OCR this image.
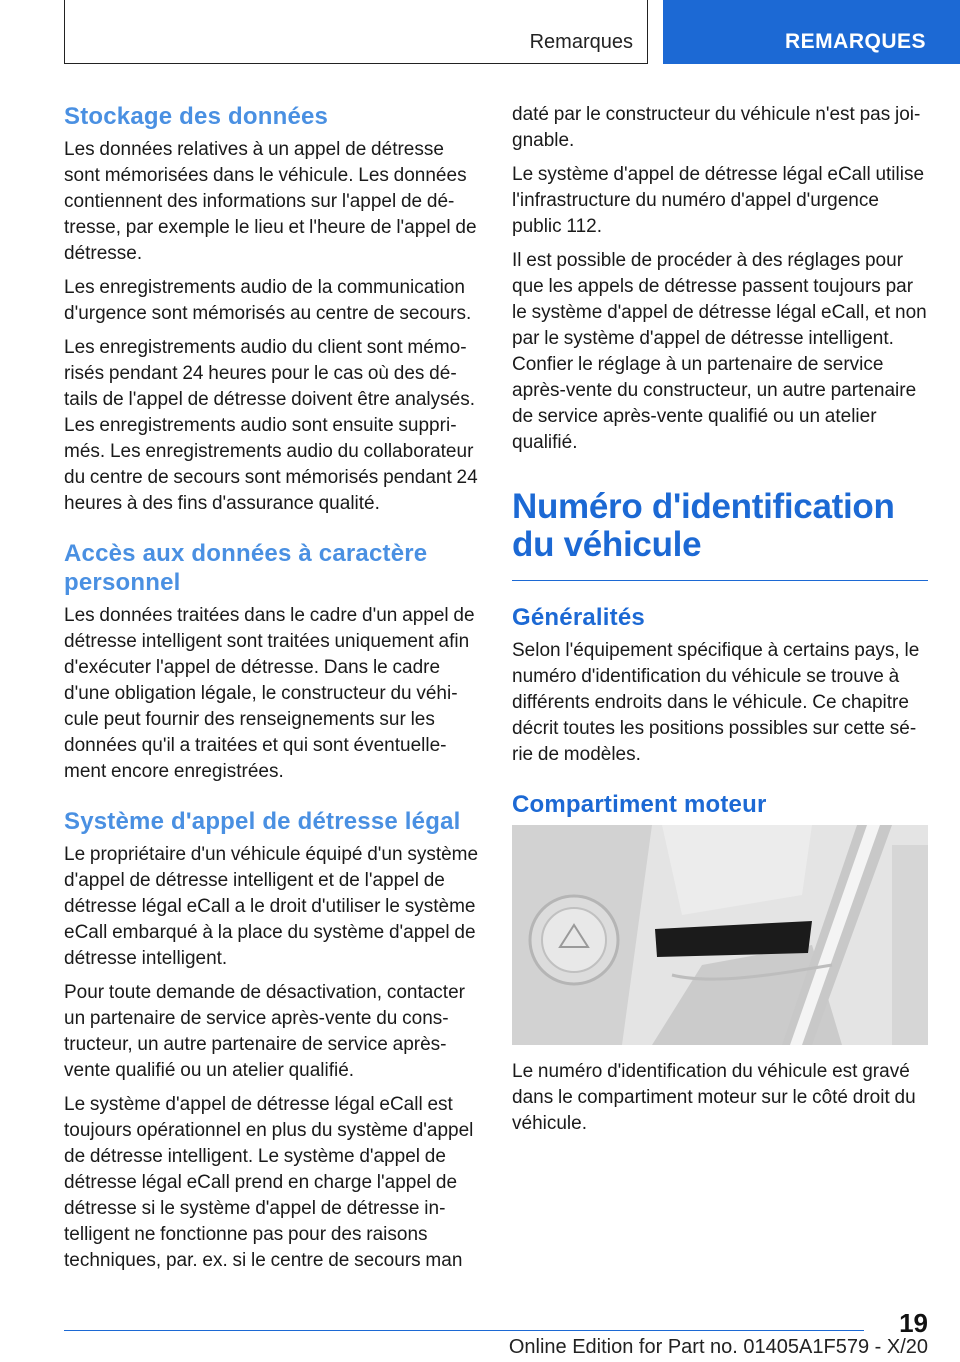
Remarques	REMARQUES
Stockage des données

Les données relatives à un appel de détresse sont mémorisées dans le véhicule. Les données contiennent des informations sur l'appel de détresse, par exemple le lieu et l'heure de l'appel de détresse.

Les enregistrements audio de la communication d'urgence sont mémorisés au centre de secours.

Les enregistrements audio du client sont mémorisés pendant 24 heures pour le cas où des détails de l'appel de détresse doivent être analysés. Les enregistrements audio sont ensuite supprimés. Les enregistrements audio du collaborateur du centre de secours sont mémorisés pendant 24 heures à des fins d'assurance qualité.

Accès aux données à caractère personnel

Les données traitées dans le cadre d'un appel de détresse intelligent sont traitées uniquement afin d'exécuter l'appel de détresse. Dans le cadre d'une obligation légale, le constructeur du véhicule peut fournir des renseignements sur les données qu'il a traitées et qui sont éventuellement encore enregistrées.

Système d'appel de détresse légal

Le propriétaire d'un véhicule équipé d'un système d'appel de détresse intelligent et de l'appel de détresse légal eCall a le droit d'utiliser le système eCall embarqué à la place du système d'appel de détresse intelligent.

Pour toute demande de désactivation, contacter un partenaire de service après-vente du constructeur, un autre partenaire de service après-vente qualifié ou un atelier qualifié.

Le système d'appel de détresse légal eCall est toujours opérationnel en plus du système d'appel de détresse intelligent. Le système d'appel de détresse légal eCall prend en charge l'appel de détresse si le système d'appel de détresse intelligent ne fonctionne pas pour des raisons techniques, par. ex. si le centre de secours man

daté par le constructeur du véhicule n'est pas joignable.

Le système d'appel de détresse légal eCall utilise l'infrastructure du numéro d'appel d'urgence public 112.

Il est possible de procéder à des réglages pour que les appels de détresse passent toujours par le système d'appel de détresse légal eCall, et non par le système d'appel de détresse intelligent. Confier le réglage à un partenaire de service après-vente du constructeur, un autre partenaire de service après-vente qualifié ou un atelier qualifié.

Numéro d'identification du véhicule
Généralités

Selon l'équipement spécifique à certains pays, le numéro d'identification du véhicule se trouve à différents endroits dans le véhicule. Ce chapitre décrit toutes les positions possibles sur cette série de modèles.

Compartiment moteur

Le numéro d'identification du véhicule est gravé dans le compartiment moteur sur le côté droit du véhicule.

19
Online Edition for Part no. 01405A1F579 - X/20
